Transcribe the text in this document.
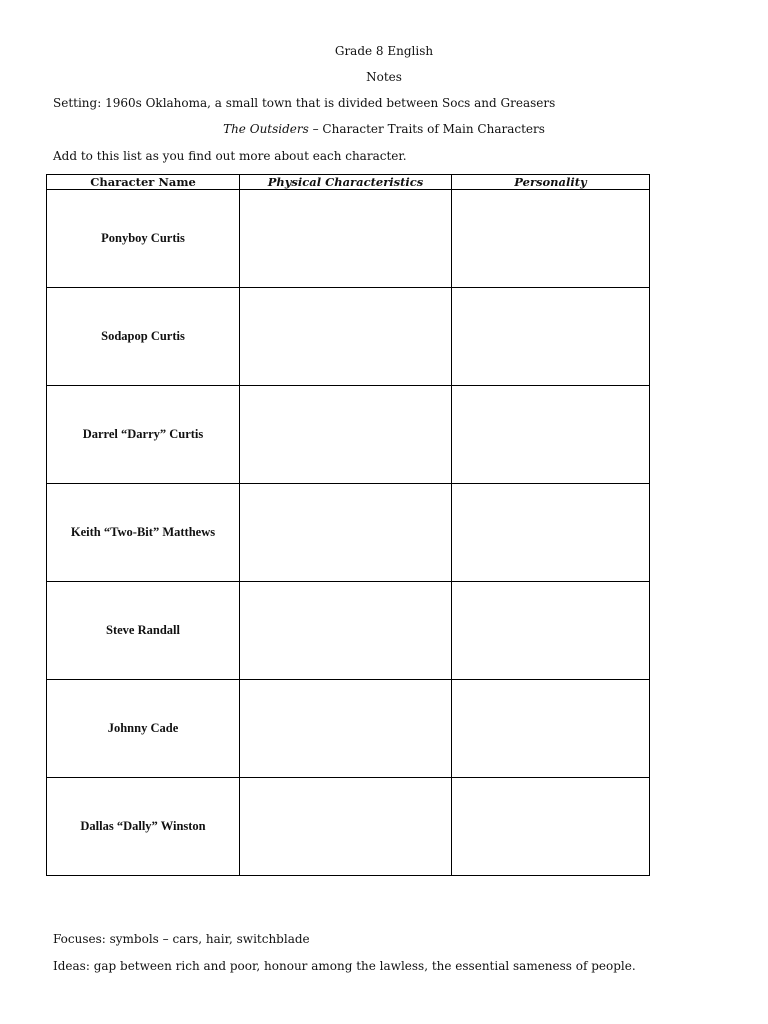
Grade 8 English
Notes
Setting: 1960s Oklahoma, a small town that is divided between Socs and Greasers
The Outsiders – Character Traits of Main Characters
Add to this list as you find out more about each character.
Character Name	Physical Characteristics	Personality
Ponyboy Curtis		
Sodapop Curtis		
Darrel “Darry” Curtis		
Keith “Two-Bit” Matthews		
Steve Randall		
Johnny Cade		
Dallas “Dally” Winston		
Focuses: symbols – cars, hair, switchblade
Ideas: gap between rich and poor, honour among the lawless, the essential sameness of people.
